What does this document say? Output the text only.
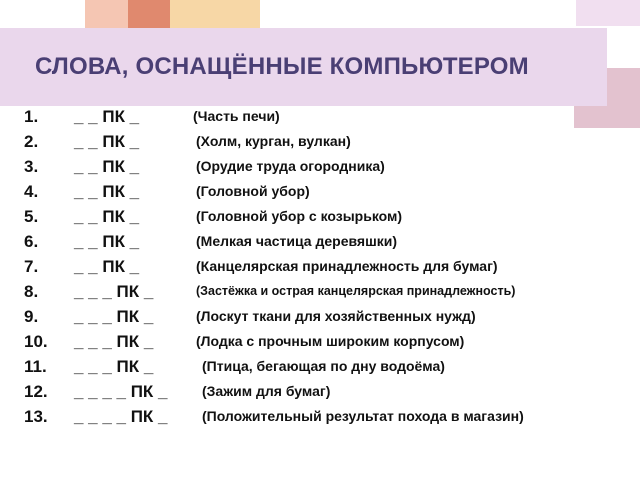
СЛОВА, ОСНАЩЁННЫЕ КОМПЬЮТЕРОМ
1. _ _ ПК _	(Часть печи)
2. _ _ ПК _	(Холм, курган, вулкан)
3. _ _ ПК _	(Орудие труда огородника)
4. _ _ ПК _	(Головной убор)
5. _ _ ПК _	(Головной убор с козырьком)
6. _ _ ПК _	(Мелкая частица деревяшки)
7. _ _ ПК _	(Канцелярская принадлежность для бумаг)
8. _ _ _ ПК _	(Застёжка и острая канцелярская принадлежность)
9. _ _ _ ПК _	(Лоскут ткани для хозяйственных нужд)
10. _ _ _ ПК _	(Лодка с прочным широким корпусом)
11. _ _ _ ПК _	(Птица, бегающая по дну водоёма)
12. _ _ _ _ ПК _ (Зажим для бумаг)
13. _ _ _ _ ПК _ (Положительный результат похода в магазин)
